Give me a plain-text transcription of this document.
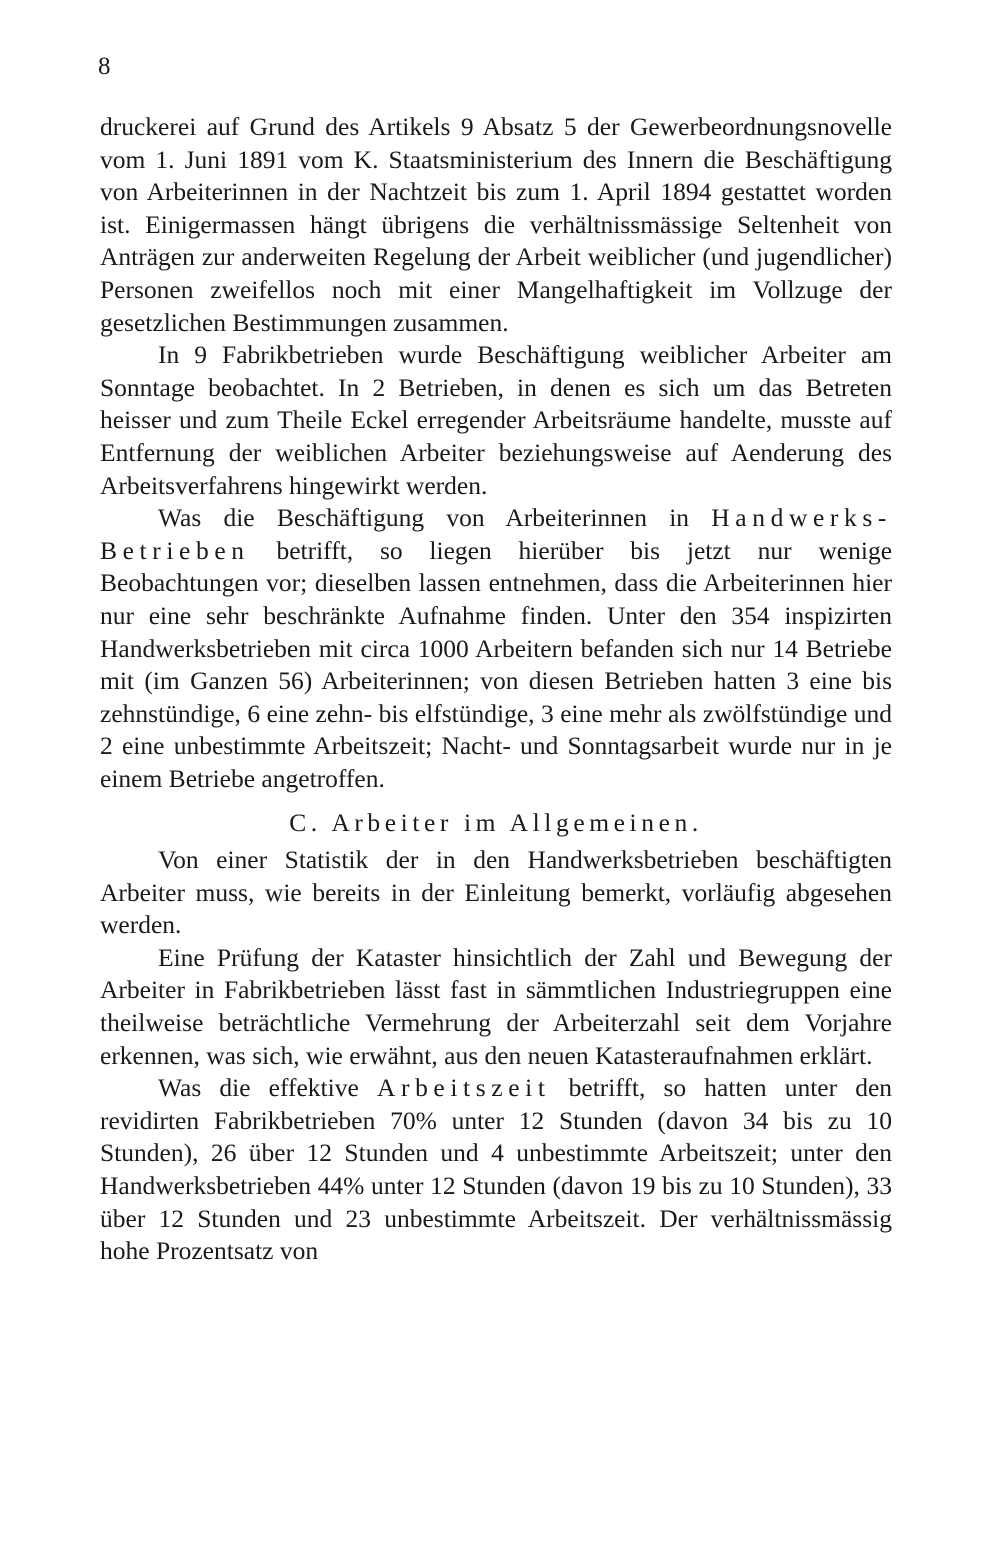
8

druckerei auf Grund des Artikels 9 Absatz 5 der Gewerbeordnungsnovelle vom 1. Juni 1891 vom K. Staatsministerium des Innern die Beschäftigung von Arbeiterinnen in der Nachtzeit bis zum 1. April 1894 gestattet worden ist. Einigermassen hängt übrigens die verhältnissmässige Seltenheit von Anträgen zur anderweiten Regelung der Arbeit weiblicher (und jugendlicher) Personen zweifellos noch mit einer Mangelhaftigkeit im Vollzuge der gesetzlichen Bestimmungen zusammen.

In 9 Fabrikbetrieben wurde Beschäftigung weiblicher Arbeiter am Sonntage beobachtet. In 2 Betrieben, in denen es sich um das Betreten heisser und zum Theile Eckel erregender Arbeitsräume handelte, musste auf Entfernung der weiblichen Arbeiter beziehungsweise auf Aenderung des Arbeitsverfahrens hingewirkt werden.

Was die Beschäftigung von Arbeiterinnen in Handwerks-Betrieben betrifft, so liegen hierüber bis jetzt nur wenige Beobachtungen vor; dieselben lassen entnehmen, dass die Arbeiterinnen hier nur eine sehr beschränkte Aufnahme finden. Unter den 354 inspizirten Handwerksbetrieben mit circa 1000 Arbeitern befanden sich nur 14 Betriebe mit (im Ganzen 56) Arbeiterinnen; von diesen Betrieben hatten 3 eine bis zehnstündige, 6 eine zehn- bis elfstündige, 3 eine mehr als zwölfstündige und 2 eine unbestimmte Arbeitszeit; Nacht- und Sonntagsarbeit wurde nur in je einem Betriebe angetroffen.

C. Arbeiter im Allgemeinen.

Von einer Statistik der in den Handwerksbetrieben beschäftigten Arbeiter muss, wie bereits in der Einleitung bemerkt, vorläufig abgesehen werden.

Eine Prüfung der Kataster hinsichtlich der Zahl und Bewegung der Arbeiter in Fabrikbetrieben lässt fast in sämmtlichen Industriegruppen eine theilweise beträchtliche Vermehrung der Arbeiterzahl seit dem Vorjahre erkennen, was sich, wie erwähnt, aus den neuen Katasteraufnahmen erklärt.

Was die effektive Arbeitszeit betrifft, so hatten unter den revidirten Fabrikbetrieben 70% unter 12 Stunden (davon 34 bis zu 10 Stunden), 26 über 12 Stunden und 4 unbestimmte Arbeitszeit; unter den Handwerksbetrieben 44% unter 12 Stunden (davon 19 bis zu 10 Stunden), 33 über 12 Stunden und 23 unbestimmte Arbeitszeit. Der verhältnissmässig hohe Prozentsatz von
